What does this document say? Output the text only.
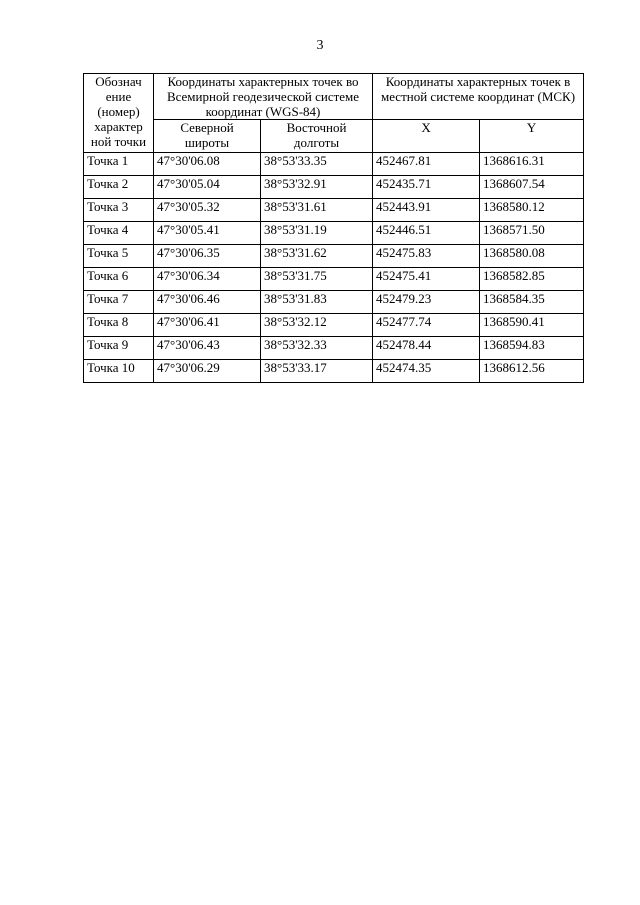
3
Обознач ение (номер) характер ной точки	Координаты характерных точек во Всемирной геодезической системе координат (WGS-84)		Координаты характерных точек в местной системе координат (МСК)	
	Северной широты	Восточной долготы	X	Y
Точка 1	47°30'06.08	38°53'33.35	452467.81	1368616.31
Точка 2	47°30'05.04	38°53'32.91	452435.71	1368607.54
Точка 3	47°30'05.32	38°53'31.61	452443.91	1368580.12
Точка 4	47°30'05.41	38°53'31.19	452446.51	1368571.50
Точка 5	47°30'06.35	38°53'31.62	452475.83	1368580.08
Точка 6	47°30'06.34	38°53'31.75	452475.41	1368582.85
Точка 7	47°30'06.46	38°53'31.83	452479.23	1368584.35
Точка 8	47°30'06.41	38°53'32.12	452477.74	1368590.41
Точка 9	47°30'06.43	38°53'32.33	452478.44	1368594.83
Точка 10	47°30'06.29	38°53'33.17	452474.35	1368612.56
